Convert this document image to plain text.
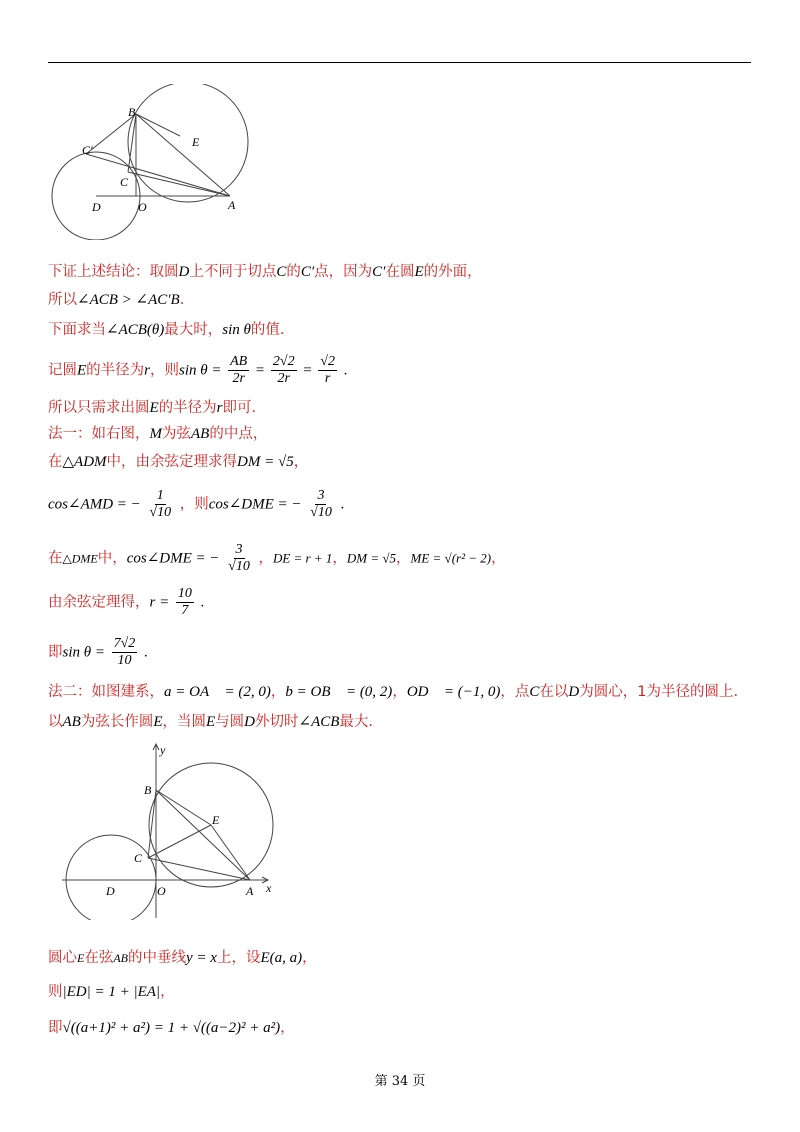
B
E
C′
C
D	O	A
下证上述结论：取圆D上不同于切点C的C′点，因为C′在圆E的外面，
所以∠ACB > ∠AC′B.
下面求当∠ACB(θ)最大时，sin θ的值.
记圆E的半径为r，则$\sin \theta = \frac{AB}{2r} = \frac{2√2}{2r} = \frac{√2}{r}$ .
所以只需求出圆E的半径为r即可.
法一：如右图，M为弦AB的中点，
在△ADM中，由余弦定理求得DM = √5，
cos∠AMD = − $\frac{1}{√10}$ ，则cos∠DME = − $\frac{3}{√10}$ .
在△DME中，cos∠DME = − $\frac{3}{√10}$ ，DE = r + 1，DM = √5，ME = √(r² − 2)，
由余弦定理得，$r = \frac{10}{7}$ .
即$\sin \theta = \frac{7√2}{10}$ .
法二：如图建系，a = OA⃗ = (2, 0)，b = OB⃗ = (0, 2)，OD⃗ = (−1, 0)，点C在以D为圆心，1为半径的圆上.
以AB为弦长作圆E，当圆E与圆D外切时∠ACB最大.
y
B
E
C
D	O	A x
圆心E在弦AB的中垂线y = x上，设E(a, a)，
则|ED| = 1 + |EA|，
即√((a+1)² + a²) = 1 + √((a−2)² + a²)，
第 34 页
